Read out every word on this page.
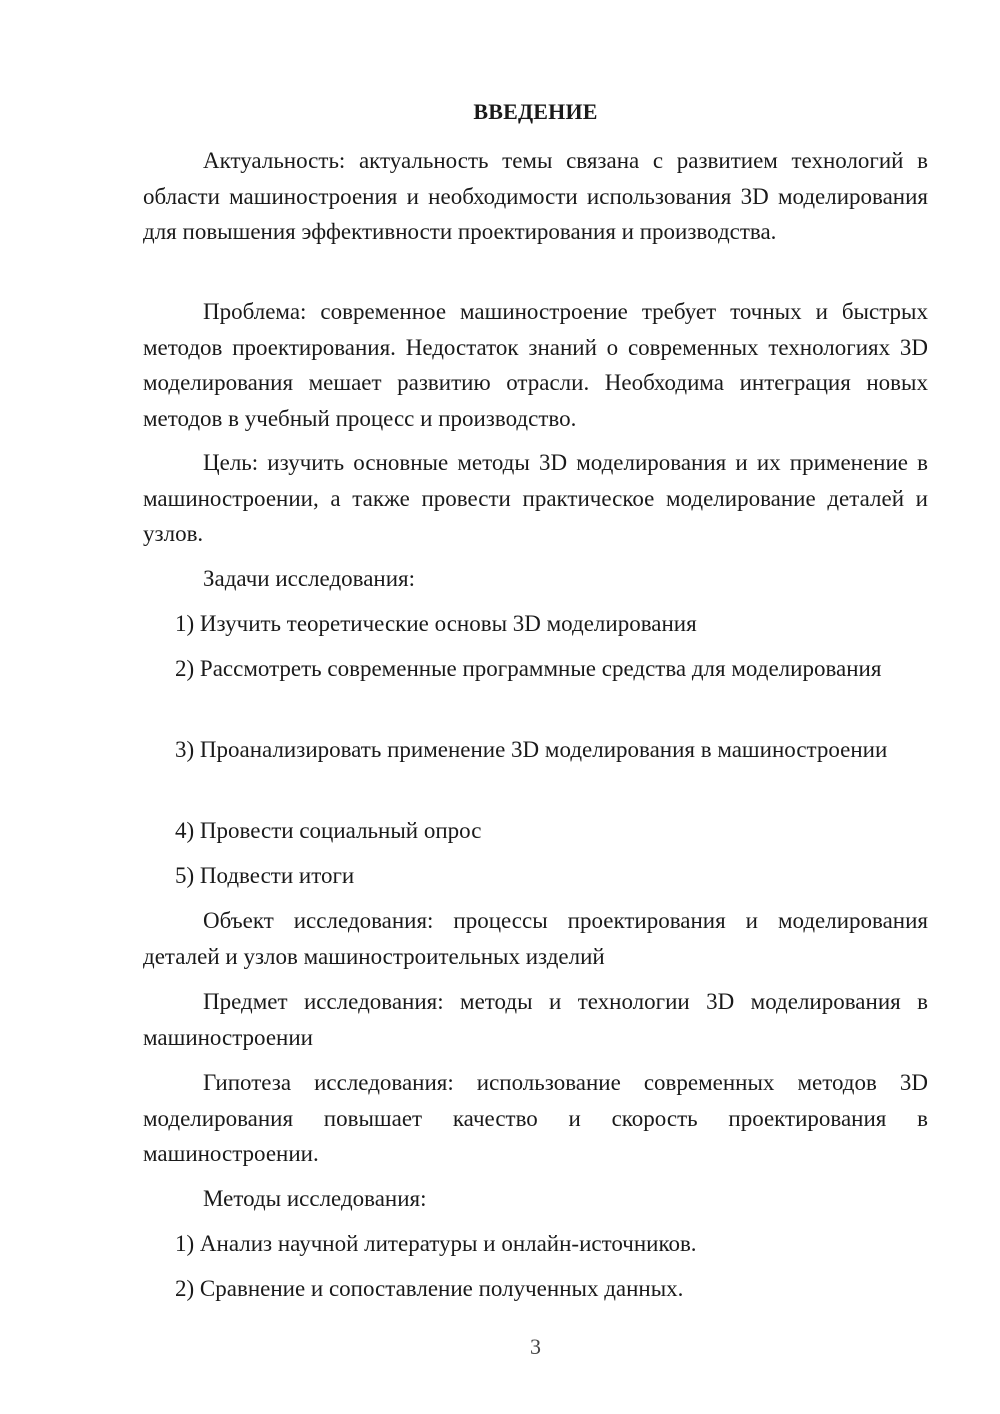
ВВЕДЕНИЕ
Актуальность: актуальность темы связана с развитием технологий в области машиностроения и необходимости использования 3D моделирования для повышения эффективности проектирования и производства.
Проблема: современное машиностроение требует точных и быстрых методов проектирования. Недостаток знаний о современных технологиях 3D моделирования мешает развитию отрасли. Необходима интеграция новых методов в учебный процесс и производство.
Цель: изучить основные методы 3D моделирования и их применение в машиностроении, а также провести практическое моделирование деталей и узлов.
Задачи исследования:
1) Изучить теоретические основы 3D моделирования
2) Рассмотреть современные программные средства для моделирования
3) Проанализировать применение 3D моделирования в машиностроении
4) Провести социальный опрос
5) Подвести итоги
Объект исследования: процессы проектирования и моделирования деталей и узлов машиностроительных изделий
Предмет исследования: методы и технологии 3D моделирования в машиностроении
Гипотеза исследования: использование современных методов 3D моделирования повышает качество и скорость проектирования в машиностроении.
Методы исследования:
1) Анализ научной литературы и онлайн-источников.
2) Сравнение и сопоставление полученных данных.
3
